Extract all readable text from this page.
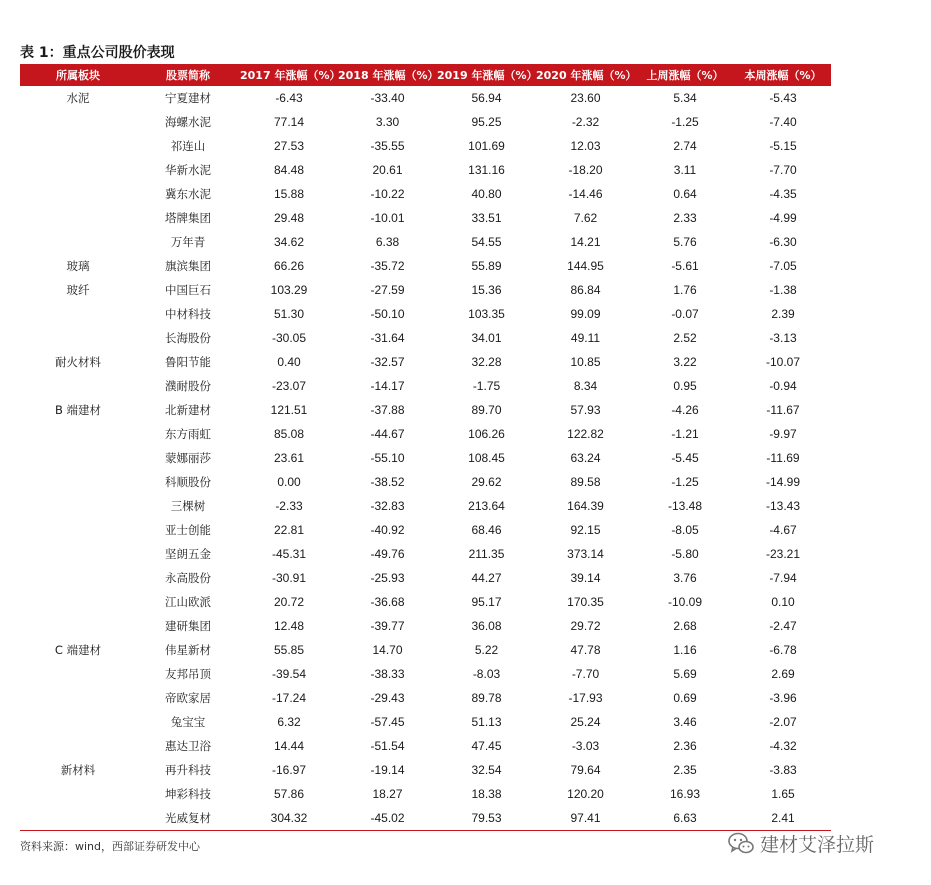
表 1：重点公司股价表现
所属板块	股票简称	2017 年涨幅（%）	2018 年涨幅（%）	2019 年涨幅（%）	2020 年涨幅（%）	上周涨幅（%）	本周涨幅（%）
水泥	宁夏建材	-6.43	-33.40	56.94	23.60	5.34	-5.43
	海螺水泥	77.14	3.30	95.25	-2.32	-1.25	-7.40
	祁连山	27.53	-35.55	101.69	12.03	2.74	-5.15
	华新水泥	84.48	20.61	131.16	-18.20	3.11	-7.70
	冀东水泥	15.88	-10.22	40.80	-14.46	0.64	-4.35
	塔牌集团	29.48	-10.01	33.51	7.62	2.33	-4.99
	万年青	34.62	6.38	54.55	14.21	5.76	-6.30
玻璃	旗滨集团	66.26	-35.72	55.89	144.95	-5.61	-7.05
玻纤	中国巨石	103.29	-27.59	15.36	86.84	1.76	-1.38
	中材科技	51.30	-50.10	103.35	99.09	-0.07	2.39
	长海股份	-30.05	-31.64	34.01	49.11	2.52	-3.13
耐火材料	鲁阳节能	0.40	-32.57	32.28	10.85	3.22	-10.07
	濮耐股份	-23.07	-14.17	-1.75	8.34	0.95	-0.94
B 端建材	北新建材	121.51	-37.88	89.70	57.93	-4.26	-11.67
	东方雨虹	85.08	-44.67	106.26	122.82	-1.21	-9.97
	蒙娜丽莎	23.61	-55.10	108.45	63.24	-5.45	-11.69
	科顺股份	0.00	-38.52	29.62	89.58	-1.25	-14.99
	三棵树	-2.33	-32.83	213.64	164.39	-13.48	-13.43
	亚士创能	22.81	-40.92	68.46	92.15	-8.05	-4.67
	坚朗五金	-45.31	-49.76	211.35	373.14	-5.80	-23.21
	永高股份	-30.91	-25.93	44.27	39.14	3.76	-7.94
	江山欧派	20.72	-36.68	95.17	170.35	-10.09	0.10
	建研集团	12.48	-39.77	36.08	29.72	2.68	-2.47
C 端建材	伟星新材	55.85	14.70	5.22	47.78	1.16	-6.78
	友邦吊顶	-39.54	-38.33	-8.03	-7.70	5.69	2.69
	帝欧家居	-17.24	-29.43	89.78	-17.93	0.69	-3.96
	兔宝宝	6.32	-57.45	51.13	25.24	3.46	-2.07
	惠达卫浴	14.44	-51.54	47.45	-3.03	2.36	-4.32
新材料	再升科技	-16.97	-19.14	32.54	79.64	2.35	-3.83
	坤彩科技	57.86	18.27	18.38	120.20	16.93	1.65
	光威复材	304.32	-45.02	79.53	97.41	6.63	2.41
资料来源：wind，西部证券研发中心	建材艾泽拉斯
